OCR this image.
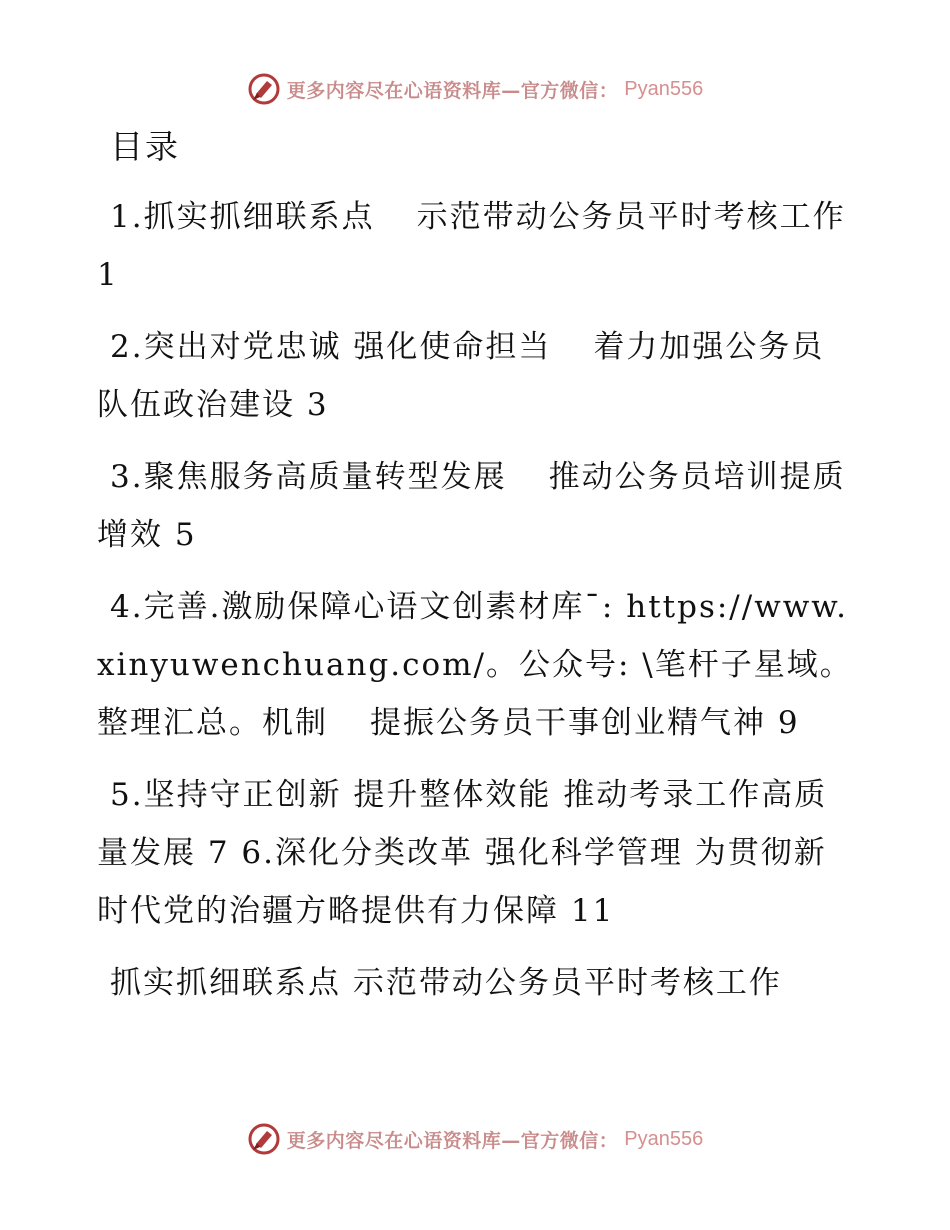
更多内容尽在心语资料库—官方微信： Pyan556
目录
1.抓实抓细联系点 示范带动公务员平时考核工作 1
2.突出对党忠诚 强化使命担当 着力加强公务员队伍政治建设 3
3.聚焦服务高质量转型发展 推动公务员培训提质增效 5
4.完善.激励保障心语文创素材库¯: https://www.xinyuwenchuang.com/。公众号: \笔杆子星域。整理汇总。机制 提振公务员干事创业精气神 9
5.坚持守正创新 提升整体效能 推动考录工作高质量发展 7 6.深化分类改革 强化科学管理 为贯彻新时代党的治疆方略提供有力保障 11
抓实抓细联系点 示范带动公务员平时考核工作
更多内容尽在心语资料库—官方微信： Pyan556
